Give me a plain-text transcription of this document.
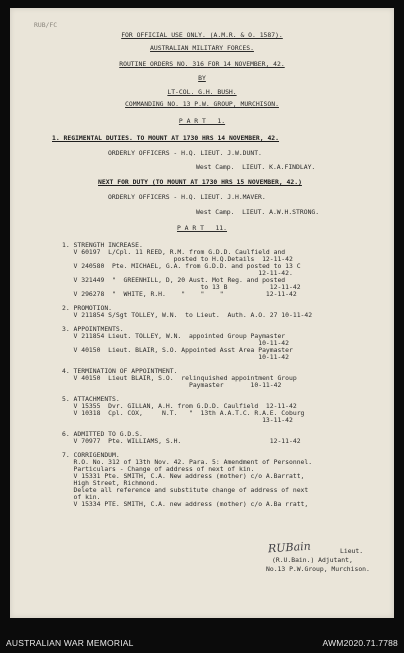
RUB/FC
FOR OFFICIAL USE ONLY. (A.M.R. & O. 1587).
AUSTRALIAN MILITARY FORCES.
ROUTINE ORDERS NO. 316 FOR 14 NOVEMBER, 42.
BY
LT-COL. G.H. BUSH.
COMMANDING NO. 13 P.W. GROUP, MURCHISON.
P A R T   1.
1. REGIMENTAL DUTIES. TO MOUNT AT 1730 HRS 14 NOVEMBER, 42.
ORDERLY OFFICERS - H.Q. LIEUT. J.W.DUNT.
West Camp.  LIEUT. K.A.FINDLAY.
NEXT FOR DUTY (TO MOUNT AT 1730 HRS 15 NOVEMBER, 42.)
ORDERLY OFFICERS - H.Q. LIEUT. J.H.MAVER.
West Camp.  LIEUT. A.W.H.STRONG.
P A R T   11.
1. STRENGTH INCREASE.
V 60197  L/Cpl. 11 REED, R.M. from G.D.D. Caulfield and
posted to H.Q.Details  12-11-42
V 240580  Pte. MICHAEL, G.A. from G.D.D. and posted to 13 C
12-11-42.
V 321449  "  GREENHILL, D, 20 Aust. Mot Reg. and posted
to 13 B           12-11-42
V 296278  "  WHITE, R.H.    "    "    "           12-11-42
2. PROMOTION.
V 211854 S/Sgt TOLLEY, W.N.  to Lieut.  Auth. A.O. 27 10-11-42
3. APPOINTMENTS.
V 211854 Lieut. TOLLEY, W.N.  appointed Group Paymaster
10-11-42
V 40150  Lieut. BLAIR, S.O. Appointed Asst Area Paymaster
10-11-42
4. TERMINATION OF APPOINTMENT.
V 40150  Lieut BLAIR, S.O.  relinquished appointment Group
Paymaster       10-11-42
5. ATTACHMENTS.
V 15355  Dvr. GILLAN, A.H. from G.D.D. Caulfield  12-11-42
V 10318  Cpl. COX,     N.T.   "  13th A.A.T.C. R.A.E. Coburg
13-11-42
6. ADMITTED TO G.D.S.
V 70977  Pte. WILLIAMS, S.H.                       12-11-42
7. CORRIGENDUM.
R.O. No. 312 of 13th Nov. 42. Para. 5: Amendment of Personnel.
Particulars - Change of address of next of kin.
V 15331 Pte. SMITH, C.A. New address (mother) c/o A.Barratt,
High Street, Richmond.
Delete all reference and substitute change of address of next
of kin.
V 15334 PTE. SMITH, C.A. new address (mother) c/o A.Ba rratt,
RUBain	Lieut.
(R.U.Bain.) Adjutant,
No.13 P.W.Group, Murchison.
AUSTRALIAN WAR MEMORIAL	AWM2020.71.7788
